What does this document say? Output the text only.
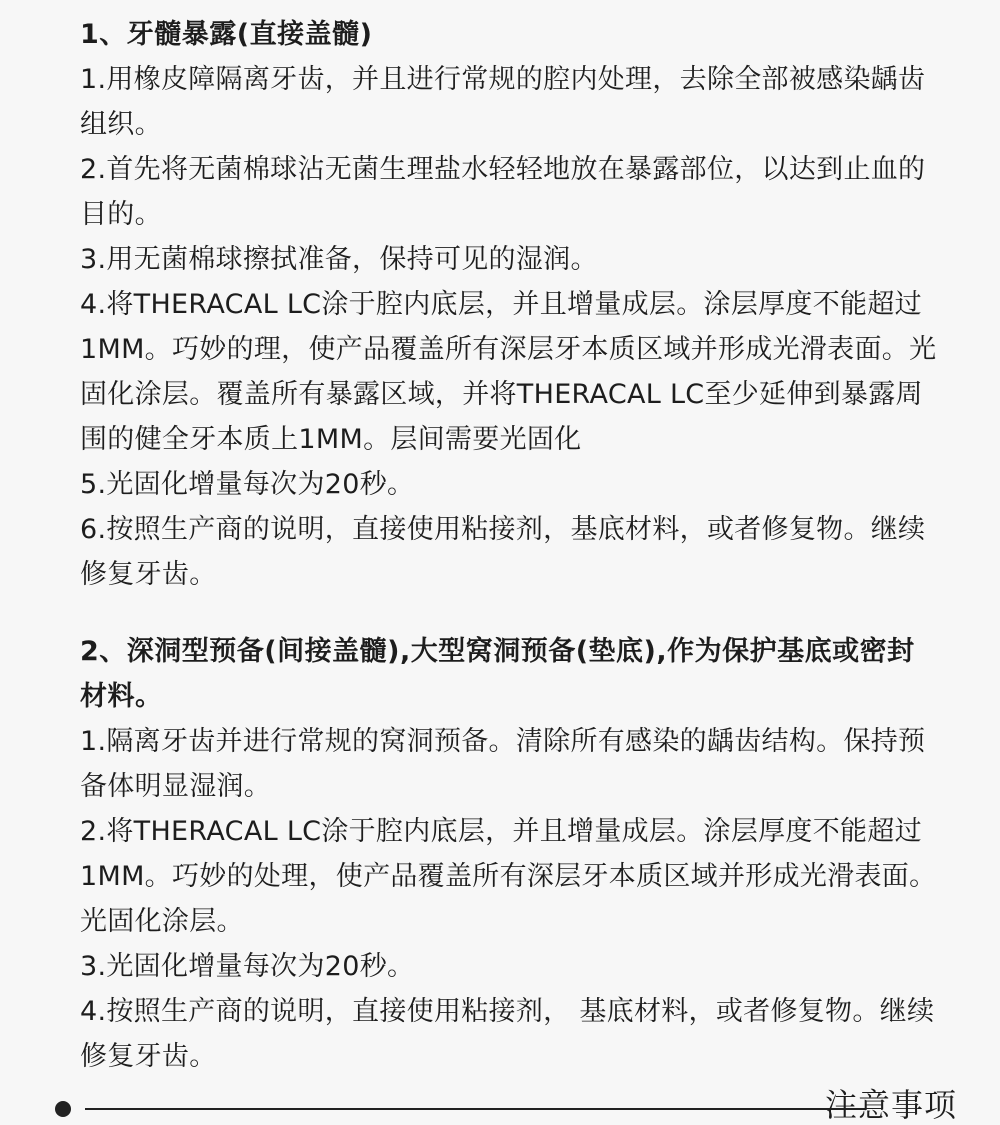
1、牙髓暴露(直接盖髓)

1.用橡皮障隔离牙齿，并且进行常规的腔内处理，去除全部被感染龋齿组织。

2.首先将无菌棉球沾无菌生理盐水轻轻地放在暴露部位，以达到止血的目的。

3.用无菌棉球擦拭准备，保持可见的湿润。

4.将THERACAL LC涂于腔内底层，并且增量成层。涂层厚度不能超过1MM。巧妙的理，使产品覆盖所有深层牙本质区域并形成光滑表面。光固化涂层。覆盖所有暴露区域，并将THERACAL LC至少延伸到暴露周围的健全牙本质上1MM。层间需要光固化

5.光固化增量每次为20秒。

6.按照生产商的说明，直接使用粘接剂，基底材料，或者修复物。继续修复牙齿。

2、深洞型预备(间接盖髓),大型窝洞预备(垫底),作为保护基底或密封材料。

1.隔离牙齿并进行常规的窝洞预备。清除所有感染的龋齿结构。保持预备体明显湿润。

2.将THERACAL LC涂于腔内底层，并且增量成层。涂层厚度不能超过1MM。巧妙的处理，使产品覆盖所有深层牙本质区域并形成光滑表面。光固化涂层。

3.光固化增量每次为20秒。

4.按照生产商的说明，直接使用粘接剂， 基底材料，或者修复物。继续修复牙齿。

注意事项
